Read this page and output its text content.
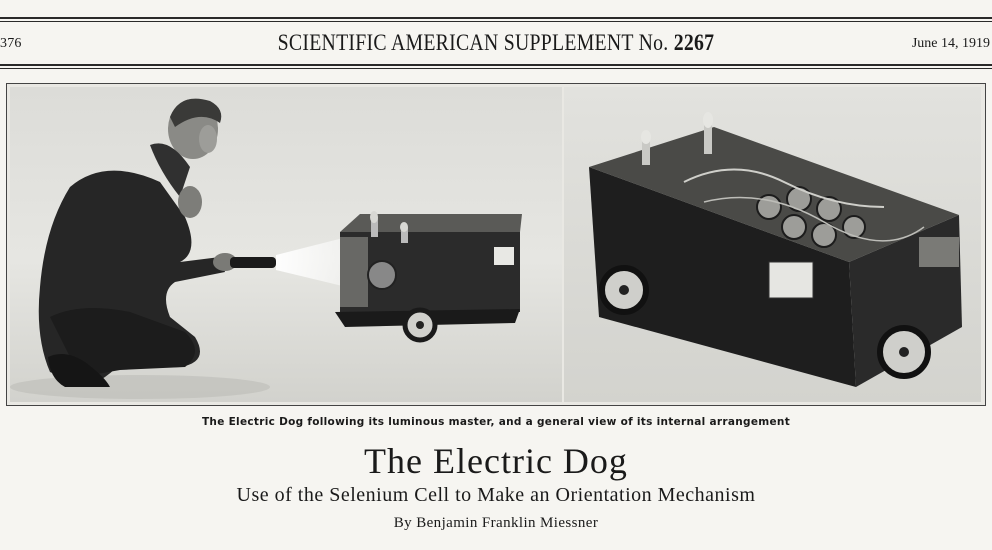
376	SCIENTIFIC AMERICAN SUPPLEMENT No. 2267	June 14, 1919
The Electric Dog following its luminous master, and a general view of its internal arrangement
The Electric Dog
Use of the Selenium Cell to Make an Orientation Mechanism
By Benjamin Franklin Miessner
